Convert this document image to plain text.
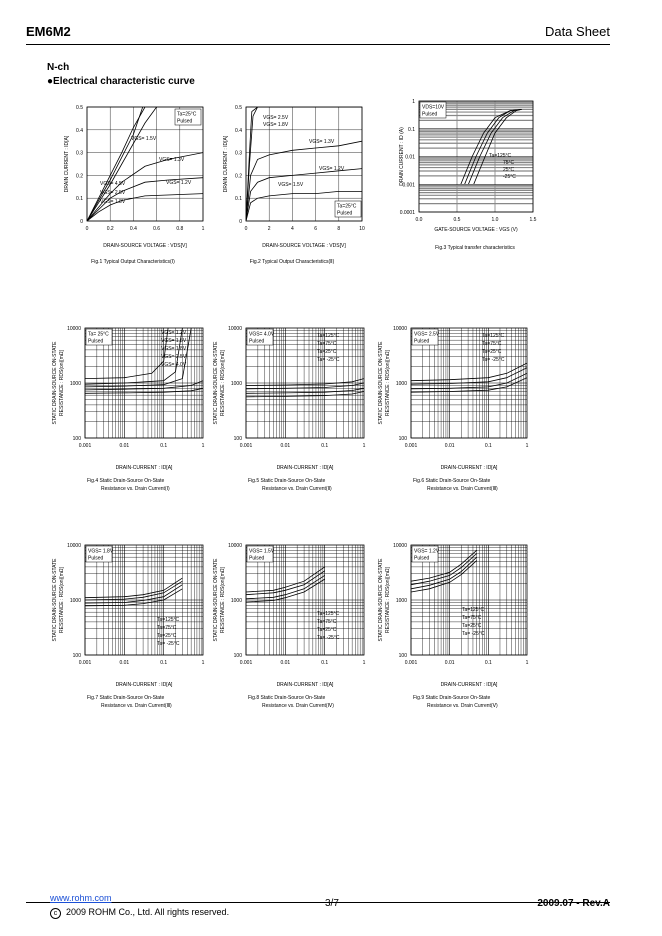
EM6M2	Data Sheet
N-ch
●Electrical characteristic curve
0	0.2	0.4	0.6	0.8	1
0
0.1
0.2
0.3
0.4
0.5
Ta=25°C
Pulsed
VGS= 1.5V
VGS= 1.3V
VGS= 1.2V
VGS= 4.5V
VGS= 2.5V
VGS= 1.8V
DRAIN-SOURCE VOLTAGE : VDS[V]
DRAIN CURRENT : ID[A]
Fig.1 Typical Output Characteristics(Ⅰ)
0	2	4	6	8	10
0
0.1
0.2
0.3
0.4
0.5
Ta=25°C
Pulsed
VGS= 2.5V
VGS= 1.8V
VGS= 1.3V
VGS= 1.2V
VGS= 1.5V
DRAIN-SOURCE VOLTAGE : VDS[V]
DRAIN CURRENT : ID[A]
Fig.2 Typical Output Characteristics(Ⅱ)
0.0	0.5	1.0	1.5
0.0001
0.001
0.01
0.1
1
VDS=10V
Pulsed
Ta=125°C
75°C
25°C
-25°C
GATE-SOURCE VOLTAGE : VGS (V)
DRAIN CURRENT : ID (A)
Fig.3 Typical transfer characteristics
0.001	0.01	0.1	1
100
1000
10000
Ta= 25°C
Pulsed
VGS= 1.2V
VGS= 1.5V
VGS= 1.8V
VGS= 2.5V
VGS= 4.0V
DRAIN-CURRENT : ID[A]
STATIC DRAIN-SOURCE ON-STATE RESISTANCE : RDS(on)[mΩ]
Fig.4 Static Drain-Source On-State
Resistance vs. Drain Current(Ⅰ)
0.001	0.01	0.1	1
100
1000
10000
VGS= 4.0V
Pulsed
Ta=125°C
Ta=75°C
Ta=25°C
Ta= -25°C
DRAIN-CURRENT : ID[A]
STATIC DRAIN-SOURCE ON-STATE RESISTANCE : RDS(on)[mΩ]
Fig.5 Static Drain-Source On-State
Resistance vs. Drain Current(Ⅱ)
0.001	0.01	0.1	1
100
1000
10000
VGS= 2.5V
Pulsed
Ta=125°C
Ta=75°C
Ta=25°C
Ta= -25°C
DRAIN-CURRENT : ID[A]
STATIC DRAIN-SOURCE ON-STATE RESISTANCE : RDS(on)[mΩ]
Fig.6 Static Drain-Source On-State
Resistance vs. Drain Current(Ⅲ)
0.001	0.01	0.1	1
100
1000
10000
VGS= 1.8V
Pulsed
Ta=125°C
Ta=75°C
Ta=25°C
Ta= -25°C
DRAIN-CURRENT : ID[A]
STATIC DRAIN-SOURCE ON-STATE RESISTANCE : RDS(on)[mΩ]
Fig.7 Static Drain-Source On-State
Resistance vs. Drain Current(Ⅲ)
0.001	0.01	0.1	1
100
1000
10000
VGS= 1.5V
Pulsed
Ta=125°C
Ta=75°C
Ta=25°C
Ta= -25°C
DRAIN-CURRENT : ID[A]
STATIC DRAIN-SOURCE ON-STATE RESISTANCE : RDS(on)[mΩ]
Fig.8 Static Drain-Source On-State
Resistance vs. Drain Current(Ⅳ)
0.001	0.01	0.1	1
100
1000
10000
VGS= 1.2V
Pulsed
Ta=125°C
Ta=75°C
Ta=25°C
Ta= -25°C
DRAIN-CURRENT : ID[A]
STATIC DRAIN-SOURCE ON-STATE RESISTANCE : RDS(on)[mΩ]
Fig.9 Static Drain-Source On-State
Resistance vs. Drain Current(Ⅴ)
www.rohm.com
c 2009 ROHM Co., Ltd. All rights reserved.
3/7	2009.07 - Rev.A
